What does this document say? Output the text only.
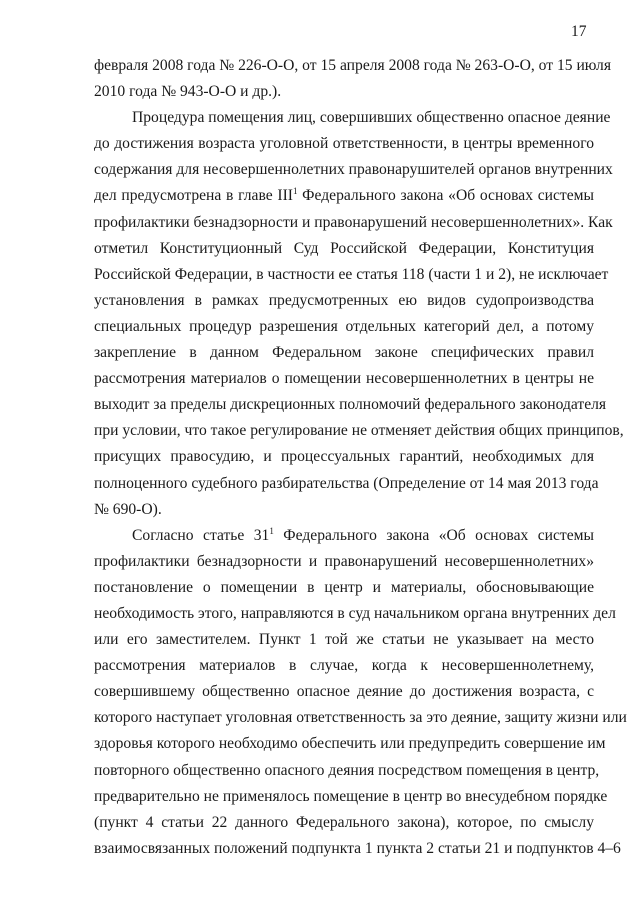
17
февраля 2008 года № 226-О-О, от 15 апреля 2008 года № 263-О-О, от 15 июля
2010 года № 943-О-О и др.).
Процедура помещения лиц, совершивших общественно опасное деяние
до достижения возраста уголовной ответственности, в центры временного
содержания для несовершеннолетних правонарушителей органов внутренних
дел предусмотрена в главе III$^1$ Федерального закона «Об основах системы
профилактики безнадзорности и правонарушений несовершеннолетних». Как
отметил Конституционный Суд Российской Федерации, Конституция
Российской Федерации, в частности ее статья 118 (части 1 и 2), не исключает
установления в рамках предусмотренных ею видов судопроизводства
специальных процедур разрешения отдельных категорий дел, а потому
закрепление в данном Федеральном законе специфических правил
рассмотрения материалов о помещении несовершеннолетних в центры не
выходит за пределы дискреционных полномочий федерального законодателя
при условии, что такое регулирование не отменяет действия общих принципов,
присущих правосудию, и процессуальных гарантий, необходимых для
полноценного судебного разбирательства (Определение от 14 мая 2013 года
№ 690-О).
Согласно статье $31^1$ Федерального закона «Об основах системы
профилактики безнадзорности и правонарушений несовершеннолетних»
постановление о помещении в центр и материалы, обосновывающие
необходимость этого, направляются в суд начальником органа внутренних дел
или его заместителем. Пункт 1 той же статьи не указывает на место
рассмотрения материалов в случае, когда к несовершеннолетнему,
совершившему общественно опасное деяние до достижения возраста, с
которого наступает уголовная ответственность за это деяние, защиту жизни или
здоровья которого необходимо обеспечить или предупредить совершение им
повторного общественно опасного деяния посредством помещения в центр,
предварительно не применялось помещение в центр во внесудебном порядке
(пункт 4 статьи 22 данного Федерального закона), которое, по смыслу
взаимосвязанных положений подпункта 1 пункта 2 статьи 21 и подпунктов 4–6
